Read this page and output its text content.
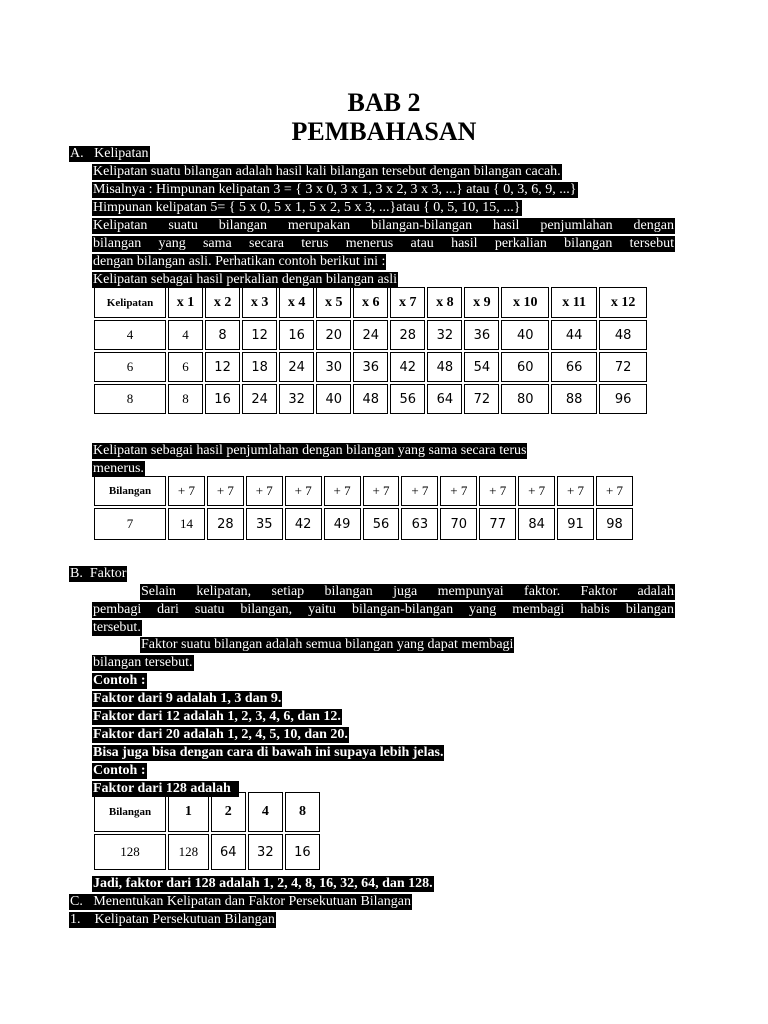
BAB 2
PEMBAHASAN
A. Kelipatan
Kelipatan suatu bilangan adalah hasil kali bilangan tersebut dengan bilangan cacah.
Misalnya : Himpunan kelipatan 3 = { 3 x 0, 3 x 1, 3 x 2, 3 x 3, ...} atau { 0, 3, 6, 9, ...}
Himpunan kelipatan 5= { 5 x 0, 5 x 1, 5 x 2, 5 x 3, ...}atau { 0, 5, 10, 15, ...}
Kelipatan suatu bilangan merupakan bilangan-bilangan hasil penjumlahan dengan
bilangan yang sama secara terus menerus atau hasil perkalian bilangan tersebut
dengan bilangan asli. Perhatikan contoh berikut ini :
Kelipatan sebagai hasil perkalian dengan bilangan asli
Kelipatan	x 1	x 2	x 3	x 4	x 5	x 6	x 7	x 8	x 9	x 10	x 11	x 12
4	4	8	12	16	20	24	28	32	36	40	44	48
6	6	12	18	24	30	36	42	48	54	60	66	72
8	8	16	24	32	40	48	56	64	72	80	88	96
Kelipatan sebagai hasil penjumlahan dengan bilangan yang sama secara terus
menerus.
Bilangan	+ 7	+ 7	+ 7	+ 7	+ 7	+ 7	+ 7	+ 7	+ 7	+ 7	+ 7	+ 7
7	14	28	35	42	49	56	63	70	77	84	91	98
B. Faktor
Selain kelipatan, setiap bilangan juga mempunyai faktor. Faktor adalah
pembagi dari suatu bilangan, yaitu bilangan-bilangan yang membagi habis bilangan
tersebut.
Faktor suatu bilangan adalah semua bilangan yang dapat membagi
bilangan tersebut.
Contoh :
Faktor dari 9 adalah 1, 3 dan 9.
Faktor dari 12 adalah 1, 2, 3, 4, 6, dan 12.
Faktor dari 20 adalah 1, 2, 4, 5, 10, dan 20.
Bisa juga bisa dengan cara di bawah ini supaya lebih jelas.
Contoh :
Faktor dari 128 adalah
Bilangan	1	2	4	8
128	128	64	32	16
Jadi, faktor dari 128 adalah 1, 2, 4, 8, 16, 32, 64, dan 128.
C. Menentukan Kelipatan dan Faktor Persekutuan Bilangan
1. Kelipatan Persekutuan Bilangan
